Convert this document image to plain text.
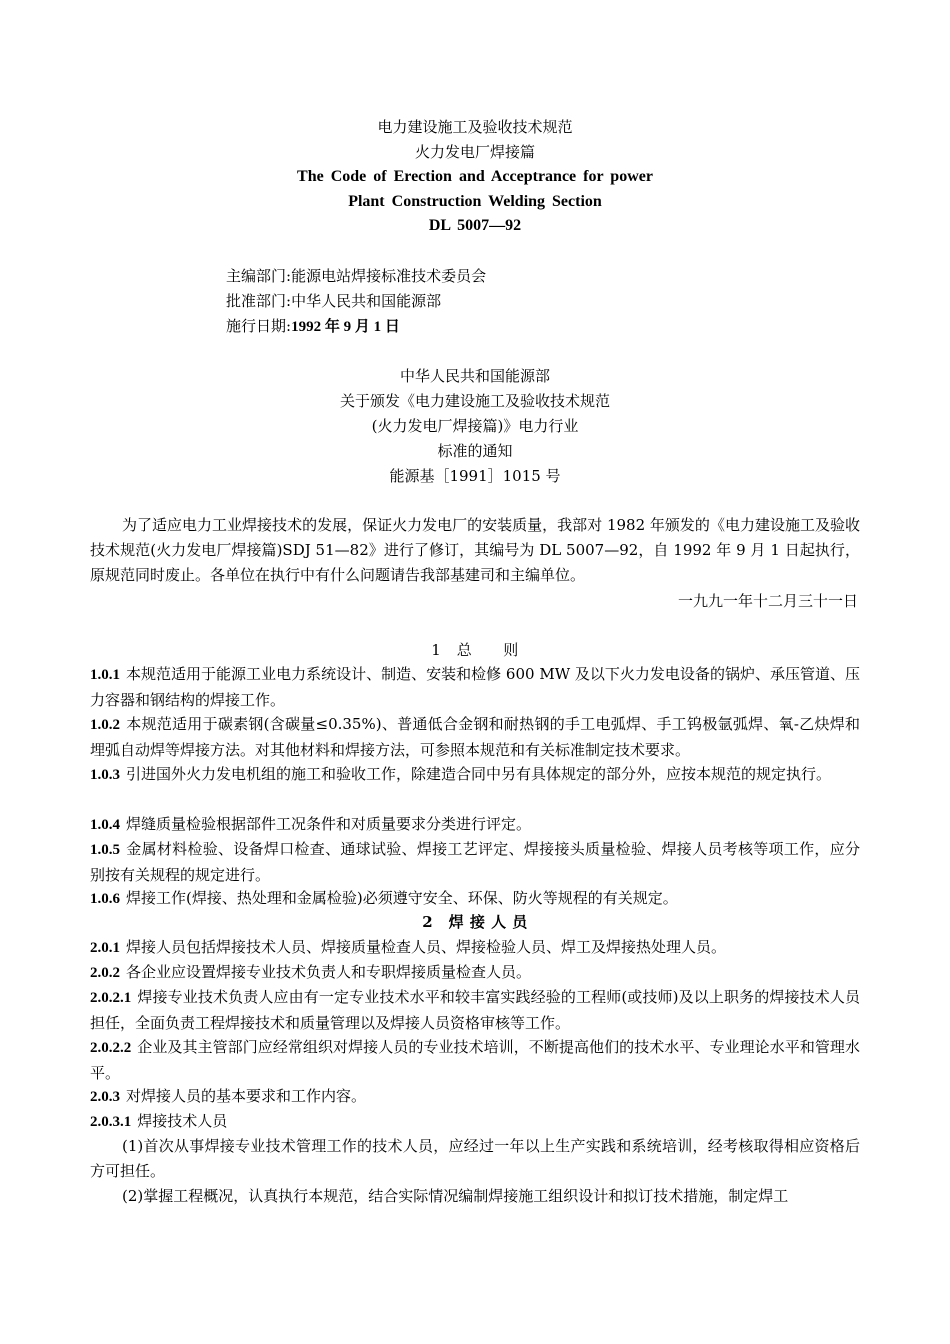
电力建设施工及验收技术规范

火力发电厂焊接篇

The Code of Erection and Acceptrance for power

Plant Construction Welding Section

DL 5007—92

主编部门:能源电站焊接标准技术委员会

批准部门:中华人民共和国能源部

施行日期:1992 年 9 月 1 日

中华人民共和国能源部

关于颁发《电力建设施工及验收技术规范

(火力发电厂焊接篇)》电力行业

标准的通知

能源基［1991］1015 号

为了适应电力工业焊接技术的发展，保证火力发电厂的安装质量，我部对 1982 年颁发的《电力建设施工及验收技术规范(火力发电厂焊接篇)SDJ 51—82》进行了修订，其编号为 DL 5007—92，自 1992 年 9 月 1 日起执行，原规范同时废止。各单位在执行中有什么问题请告我部基建司和主编单位。

一九九一年十二月三十一日

1　总　　则

1.0.1 本规范适用于能源工业电力系统设计、制造、安装和检修 600 MW 及以下火力发电设备的锅炉、承压管道、压力容器和钢结构的焊接工作。

1.0.2 本规范适用于碳素钢(含碳量≤0.35%)、普通低合金钢和耐热钢的手工电弧焊、手工钨极氩弧焊、氧-乙炔焊和埋弧自动焊等焊接方法。对其他材料和焊接方法，可参照本规范和有关标准制定技术要求。

1.0.3 引进国外火力发电机组的施工和验收工作，除建造合同中另有具体规定的部分外，应按本规范的规定执行。

1.0.4 焊缝质量检验根据部件工况条件和对质量要求分类进行评定。

1.0.5 金属材料检验、设备焊口检查、通球试验、焊接工艺评定、焊接接头质量检验、焊接人员考核等项工作，应分别按有关规程的规定进行。

1.0.6 焊接工作(焊接、热处理和金属检验)必须遵守安全、环保、防火等规程的有关规定。

2　焊 接 人 员

2.0.1 焊接人员包括焊接技术人员、焊接质量检查人员、焊接检验人员、焊工及焊接热处理人员。

2.0.2 各企业应设置焊接专业技术负责人和专职焊接质量检查人员。

2.0.2.1 焊接专业技术负责人应由有一定专业技术水平和较丰富实践经验的工程师(或技师)及以上职务的焊接技术人员担任，全面负责工程焊接技术和质量管理以及焊接人员资格审核等工作。

2.0.2.2 企业及其主管部门应经常组织对焊接人员的专业技术培训，不断提高他们的技术水平、专业理论水平和管理水平。

2.0.3 对焊接人员的基本要求和工作内容。

2.0.3.1 焊接技术人员

(1)首次从事焊接专业技术管理工作的技术人员，应经过一年以上生产实践和系统培训，经考核取得相应资格后方可担任。

(2)掌握工程概况，认真执行本规范，结合实际情况编制焊接施工组织设计和拟订技术措施，制定焊工
